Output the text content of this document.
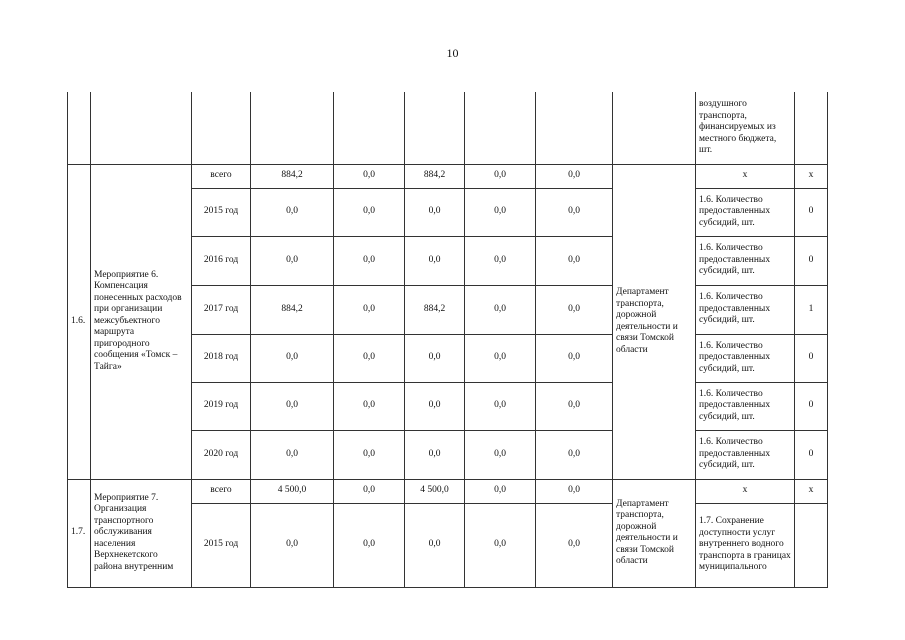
10
									воздушного транспорта, финансируемых из местного бюджета, шт.	
1.6.	Мероприятие 6. Компенсация понесенных расходов при организации межсубъектного маршрута пригородного сообщения «Томск – Тайга»	всего	884,2	0,0	884,2	0,0	0,0	Департамент транспорта, дорожной деятельности и связи Томской области	х	х
		2015 год	0,0	0,0	0,0	0,0	0,0		1.6. Количество предоставленных субсидий, шт.	0
		2016 год	0,0	0,0	0,0	0,0	0,0		1.6. Количество предоставленных субсидий, шт.	0
		2017 год	884,2	0,0	884,2	0,0	0,0		1.6. Количество предоставленных субсидий, шт.	1
		2018 год	0,0	0,0	0,0	0,0	0,0		1.6. Количество предоставленных субсидий, шт.	0
		2019 год	0,0	0,0	0,0	0,0	0,0		1.6. Количество предоставленных субсидий, шт.	0
		2020 год	0,0	0,0	0,0	0,0	0,0		1.6. Количество предоставленных субсидий, шт.	0
1.7.	Мероприятие 7. Организация транспортного обслуживания населения Верхнекетского района внутренним	всего	4 500,0	0,0	4 500,0	0,0	0,0	Департамент транспорта, дорожной деятельности и связи Томской области	х	х
		2015 год	0,0	0,0	0,0	0,0	0,0		1.7. Сохранение доступности услуг внутреннего водного транспорта в границах муниципального	
